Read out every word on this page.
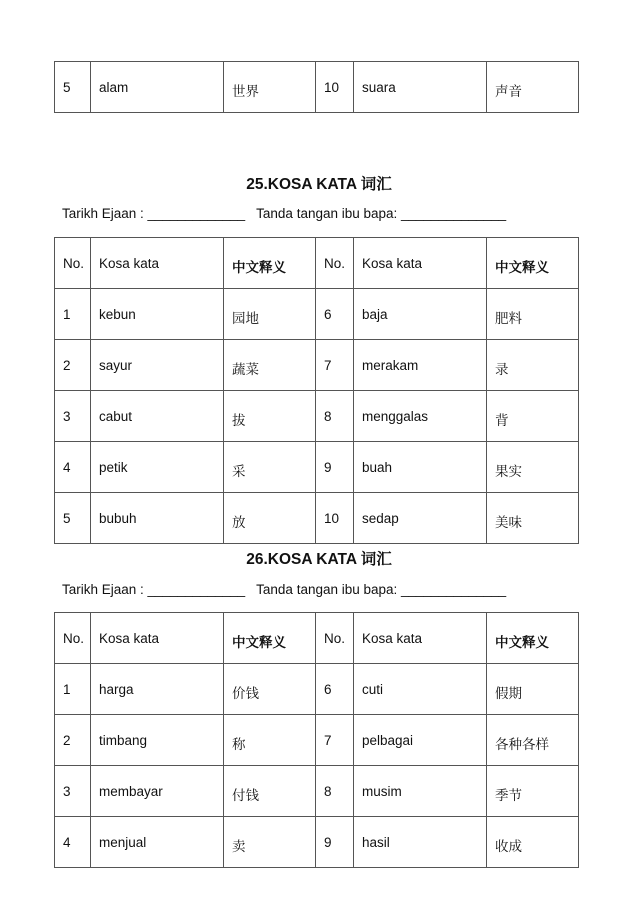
5	alam	世界	10	suara	声音
25.KOSA KATA 词汇
Tarikh Ejaan : _____________   Tanda tangan ibu bapa: ______________
No.	Kosa kata	中文释义	No.	Kosa kata	中文释义
1	kebun	园地	6	baja	肥料
2	sayur	蔬菜	7	merakam	录
3	cabut	拔	8	menggalas	背
4	petik	采	9	buah	果实
5	bubuh	放	10	sedap	美味
26.KOSA KATA 词汇
Tarikh Ejaan : _____________   Tanda tangan ibu bapa: ______________
No.	Kosa kata	中文释义	No.	Kosa kata	中文释义
1	harga	价钱	6	cuti	假期
2	timbang	称	7	pelbagai	各种各样
3	membayar	付钱	8	musim	季节
4	menjual	卖	9	hasil	收成
